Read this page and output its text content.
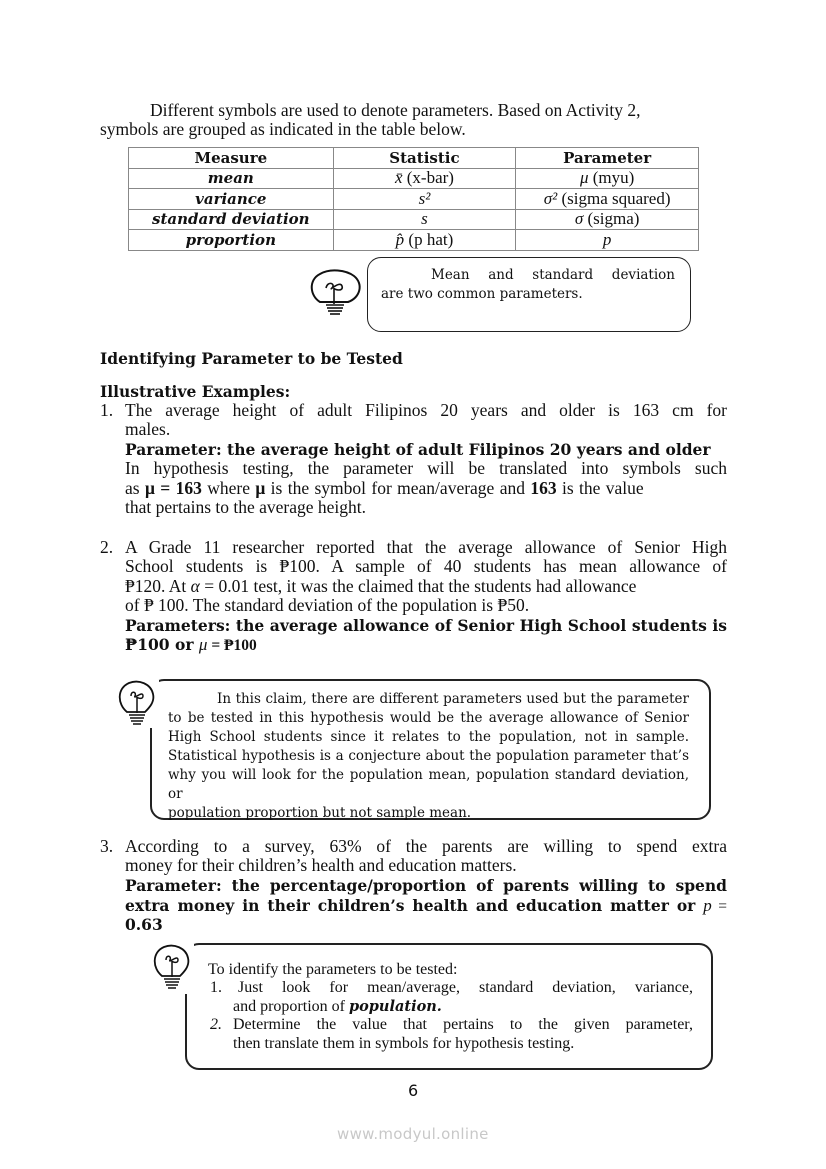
Different symbols are used to denote parameters. Based on Activity 2,
symbols are grouped as indicated in the table below.
Measure	Statistic	Parameter
mean	x̄ (x-bar)	μ (myu)
variance	s²	σ² (sigma squared)
standard deviation	s	σ (sigma)
proportion	p̂ (p hat)	p
Mean and standard deviation
are two common parameters.
Identifying Parameter to be Tested
Illustrative Examples:
1. The average height of adult Filipinos 20 years and older is 163 cm for
males.
Parameter: the average height of adult Filipinos 20 years and older
In hypothesis testing, the parameter will be translated into symbols such
as μ = 163 where μ is the symbol for mean/average and 163 is the value
that pertains to the average height.
2. A Grade 11 researcher reported that the average allowance of Senior High
School students is ₱100. A sample of 40 students has mean allowance of
₱120. At α = 0.01 test, it was the claimed that the students had allowance
of ₱ 100. The standard deviation of the population is ₱50.
Parameters: the average allowance of Senior High School students is
₱100 or μ = ₱100
In this claim, there are different parameters used but the parameter
to be tested in this hypothesis would be the average allowance of Senior
High School students since it relates to the population, not in sample.
Statistical hypothesis is a conjecture about the population parameter that’s
why you will look for the population mean, population standard deviation, or
population proportion but not sample mean.
3. According to a survey, 63% of the parents are willing to spend extra
money for their children’s health and education matters.
Parameter: the percentage/proportion of parents willing to spend
extra money in their children’s health and education matter or p =
0.63
To identify the parameters to be tested:
1. Just look for mean/average, standard deviation, variance,
and proportion of population.
2. Determine the value that pertains to the given parameter,
then translate them in symbols for hypothesis testing.
6
www.modyul.online
